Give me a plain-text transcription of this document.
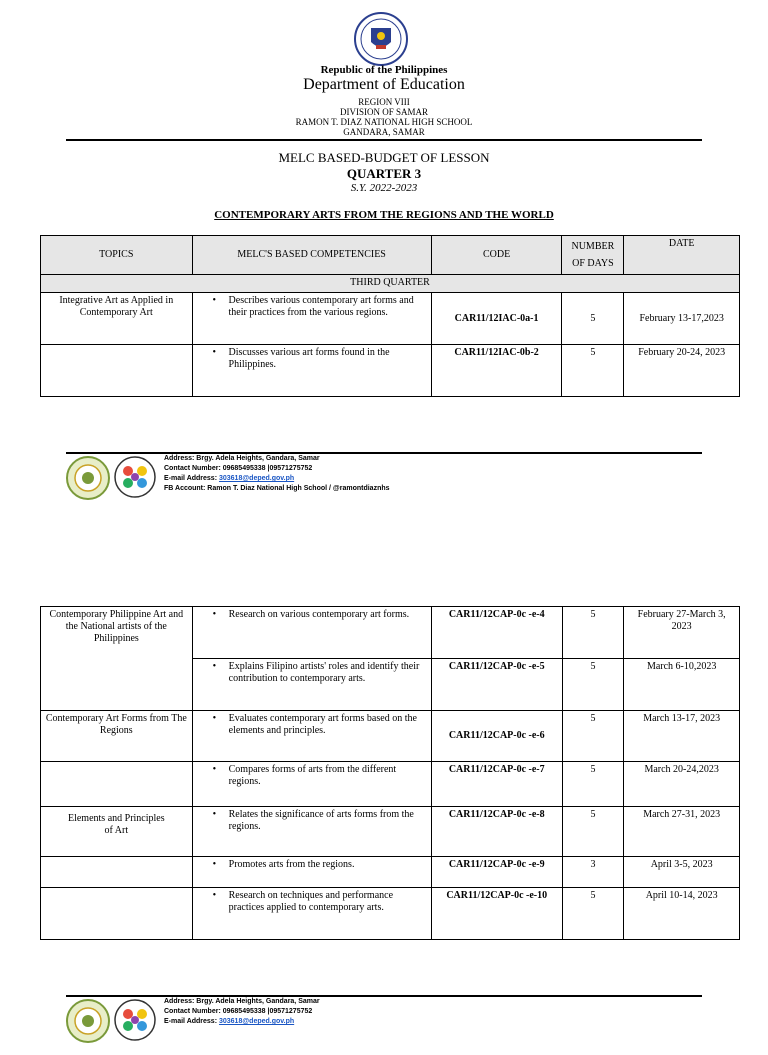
Republic of the Philippines
Department of Education
REGION VIII
DIVISION OF SAMAR
RAMON T. DIAZ NATIONAL HIGH SCHOOL
GANDARA, SAMAR
MELC BASED-BUDGET OF LESSON
QUARTER 3
S.Y. 2022-2023
CONTEMPORARY ARTS FROM THE REGIONS AND THE WORLD
TOPICS	MELC'S BASED COMPETENCIES	CODE	NUMBER OF DAYS	DATE
THIRD QUARTER				
Integrative Art as Applied in Contemporary Art	• Describes various contemporary art forms and their practices from the various regions.	CAR11/12IAC-0a-1	5	February 13-17,2023

	• Discusses various art forms found in the Philippines.	CAR11/12IAC-0b-2	5	February 20-24, 2023
Address: Brgy. Adela Heights, Gandara, Samar
Contact Number: 09685495338 |09571275752
E-mail Address: 303618@deped.gov.ph
FB Account: Ramon T. Diaz National High School / @ramontdiaznhs
Contemporary Philippine Art and the National artists of the Philippines	• Research on various contemporary art forms.	CAR11/12CAP-0c -e-4	5	February 27-March 3, 2023

	• Explains Filipino artists' roles and identify their contribution to contemporary arts.	CAR11/12CAP-0c -e-5	5	March 6-10,2023
Contemporary Art Forms from The Regions	• Evaluates contemporary art forms based on the elements and principles.	CAR11/12CAP-0c -e-6	5	March 13-17, 2023

	• Compares forms of arts from the different regions.	CAR11/12CAP-0c -e-7	5	March 20-24,2023
Elements and Principles of Art	• Relates the significance of arts forms from the regions.	CAR11/12CAP-0c -e-8	5	March 27-31, 2023

	• Promotes arts from the regions.	CAR11/12CAP-0c -e-9	3	April 3-5, 2023

	• Research on techniques and performance practices applied to contemporary arts.	CAR11/12CAP-0c -e-10	5	April 10-14, 2023
Address: Brgy. Adela Heights, Gandara, Samar
Contact Number: 09685495338 |09571275752
E-mail Address: 303618@deped.gov.ph
